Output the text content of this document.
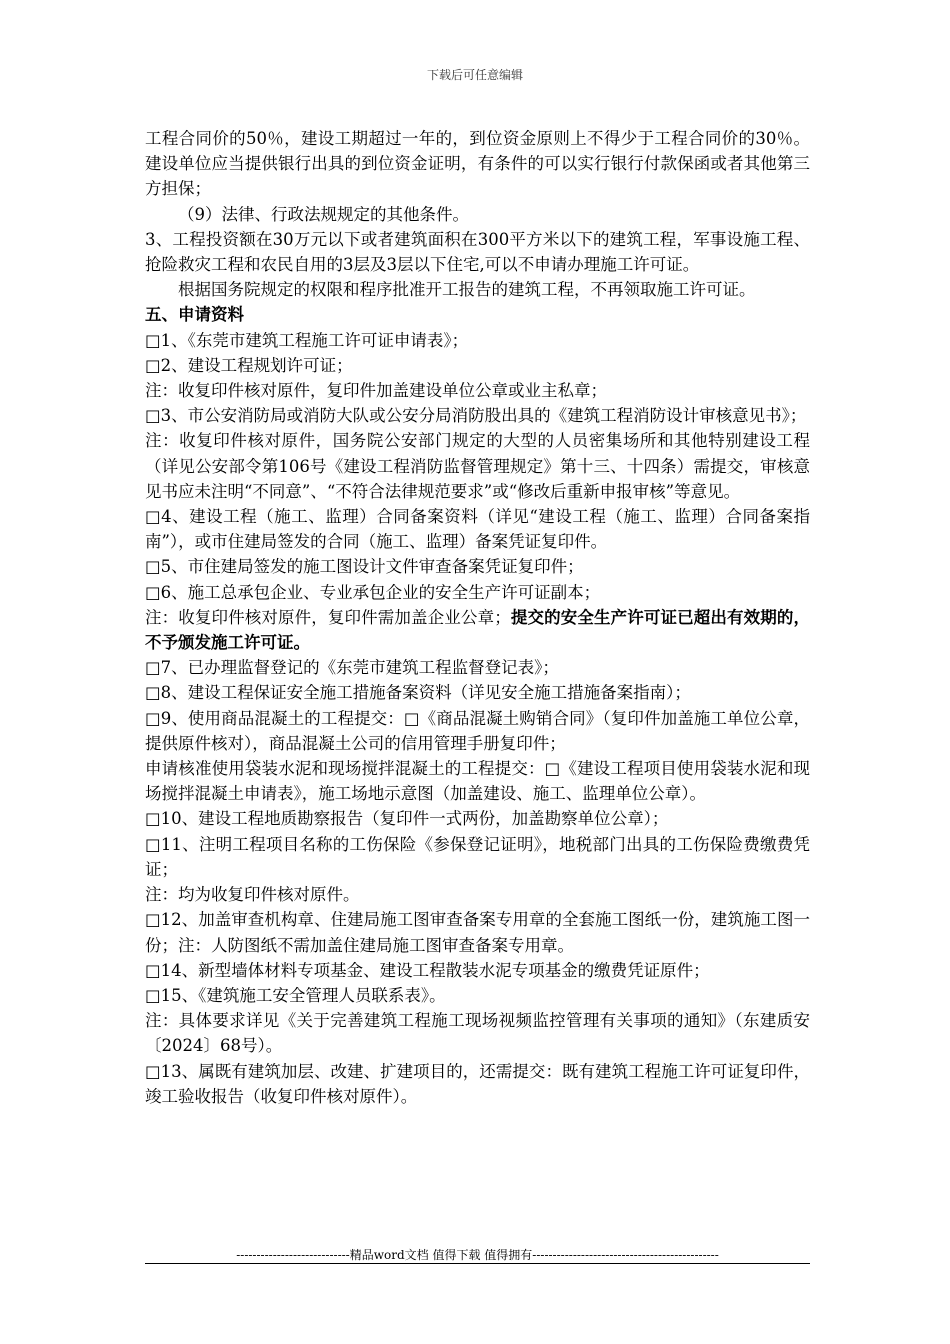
下载后可任意编辑

工程合同价的50％，建设工期超过一年的，到位资金原则上不得少于工程合同价的30％。建设单位应当提供银行出具的到位资金证明，有条件的可以实行银行付款保函或者其他第三方担保；

（9）法律、行政法规规定的其他条件。

3、工程投资额在30万元以下或者建筑面积在300平方米以下的建筑工程，军事设施工程、抢险救灾工程和农民自用的3层及3层以下住宅,可以不申请办理施工许可证。

根据国务院规定的权限和程序批准开工报告的建筑工程，不再领取施工许可证。

五、申请资料

□1、《东莞市建筑工程施工许可证申请表》；

□2、建设工程规划许可证；

注：收复印件核对原件，复印件加盖建设单位公章或业主私章；

□3、市公安消防局或消防大队或公安分局消防股出具的《建筑工程消防设计审核意见书》；

注：收复印件核对原件，国务院公安部门规定的大型的人员密集场所和其他特别建设工程（详见公安部令第106号《建设工程消防监督管理规定》第十三、十四条）需提交，审核意见书应未注明“不同意”、“不符合法律规范要求”或“修改后重新申报审核”等意见。

□4、建设工程（施工、监理）合同备案资料（详见“建设工程（施工、监理）合同备案指南”），或市住建局签发的合同（施工、监理）备案凭证复印件。

□5、市住建局签发的施工图设计文件审查备案凭证复印件；

□6、施工总承包企业、专业承包企业的安全生产许可证副本；

注：收复印件核对原件，复印件需加盖企业公章；提交的安全生产许可证已超出有效期的，不予颁发施工许可证。

□7、已办理监督登记的《东莞市建筑工程监督登记表》；

□8、建设工程保证安全施工措施备案资料（详见安全施工措施备案指南）；

□9、使用商品混凝土的工程提交：□《商品混凝土购销合同》（复印件加盖施工单位公章，提供原件核对），商品混凝土公司的信用管理手册复印件；

申请核准使用袋装水泥和现场搅拌混凝土的工程提交：□《建设工程项目使用袋装水泥和现场搅拌混凝土申请表》，施工场地示意图（加盖建设、施工、监理单位公章）。

□10、建设工程地质勘察报告（复印件一式两份，加盖勘察单位公章）；

□11、注明工程项目名称的工伤保险《参保登记证明》，地税部门出具的工伤保险费缴费凭证；

注：均为收复印件核对原件。

□12、加盖审查机构章、住建局施工图审查备案专用章的全套施工图纸一份，建筑施工图一份；注：人防图纸不需加盖住建局施工图审查备案专用章。

□14、新型墙体材料专项基金、建设工程散装水泥专项基金的缴费凭证原件；

□15、《建筑施工安全管理人员联系表》。

注：具体要求详见《关于完善建筑工程施工现场视频监控管理有关事项的通知》（东建质安〔2024〕68号）。

□13、属既有建筑加层、改建、扩建项目的，还需提交：既有建筑工程施工许可证复印件，竣工验收报告（收复印件核对原件）。

----------------------------精品word文档 值得下载 值得拥有----------------------------------------------
